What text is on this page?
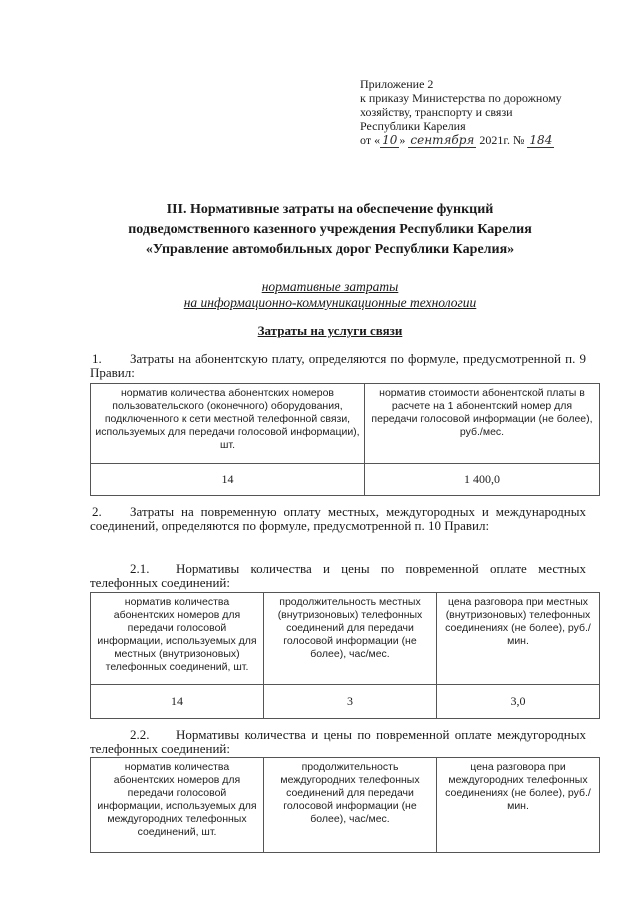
Приложение 2
к приказу Министерства по дорожному
хозяйству, транспорту и связи
Республики Карелия
от « 10 » сентября 2021г. № 184
III. Нормативные затраты на обеспечение функций
подведомственного казенного учреждения Республики Карелия
«Управление автомобильных дорог Республики Карелия»
нормативные затраты
на информационно-коммуникационные технологии
Затраты на услуги связи
1. Затраты на абонентскую плату, определяются по формуле, предусмотренной п. 9 Правил:
норматив количества абонентских номеров пользовательского (оконечного) оборудования, подключенного к сети местной телефонной связи, используемых для передачи голосовой информации), шт.	норматив стоимости абонентской платы в расчете на 1 абонентский номер для передачи голосовой информации (не более), руб./мес.
14	1 400,0
2. Затраты на повременную оплату местных, междугородных и международных соединений, определяются по формуле, предусмотренной п. 10 Правил:
2.1. Нормативы количества и цены по повременной оплате местных телефонных соединений:
норматив количества абонентских номеров для передачи голосовой информации, используемых для местных (внутризоновых) телефонных соединений, шт.	продолжительность местных (внутризоновых) телефонных соединений для передачи голосовой информации (не более), час/мес.	цена разговора при местных (внутризоновых) телефонных соединениях (не более), руб./мин.
14	3	3,0
2.2. Нормативы количества и цены по повременной оплате междугородных телефонных соединений:
норматив количества абонентских номеров для передачи голосовой информации, используемых для междугородних телефонных соединений, шт.	продолжительность междугородних телефонных соединений для передачи голосовой информации (не более), час/мес.	цена разговора при междугородних телефонных соединениях (не более), руб./мин.
